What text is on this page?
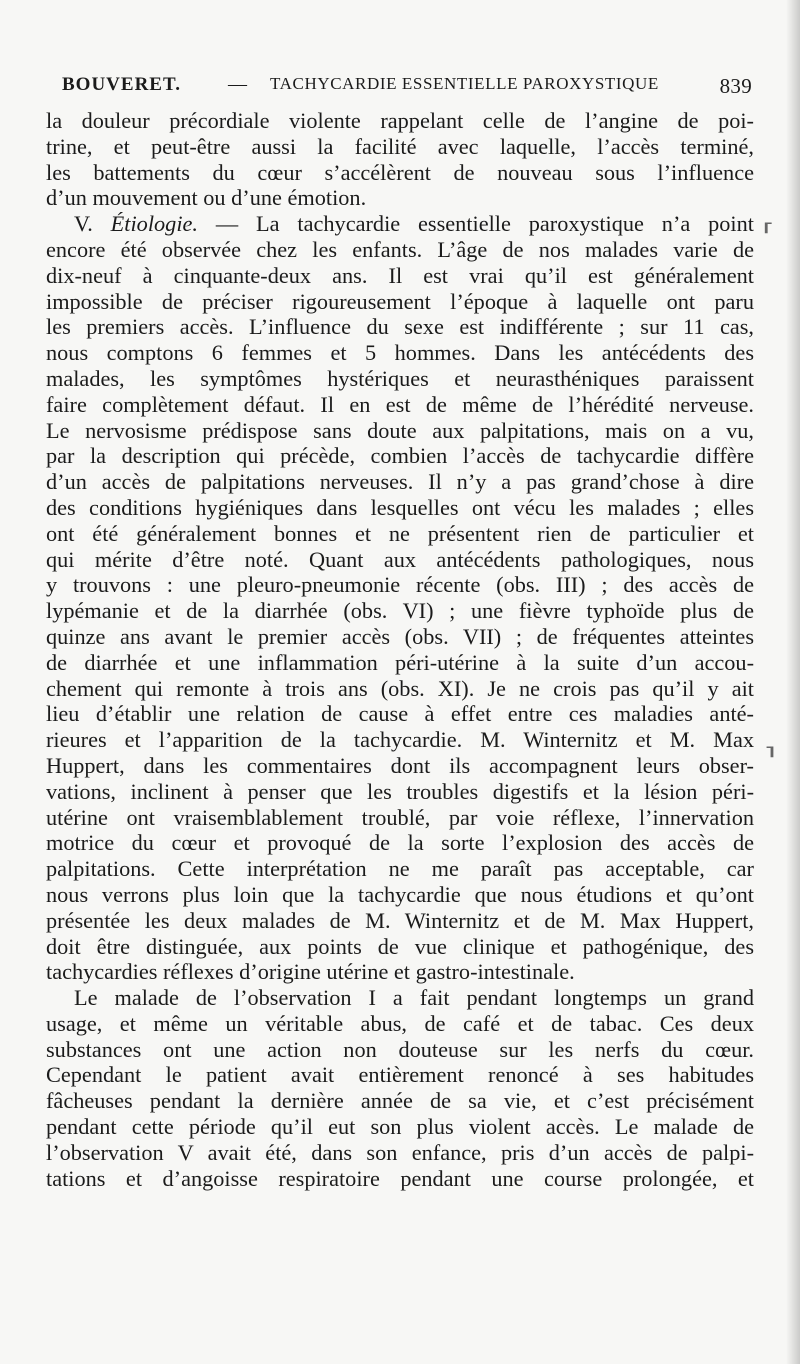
BOUVERET. — TACHYCARDIE ESSENTIELLE PAROXYSTIQUE	839
la douleur précordiale violente rappelant celle de l’angine de poi-
trine, et peut-être aussi la facilité avec laquelle, l’accès terminé,
les battements du cœur s’accélèrent de nouveau sous l’influence
d’un mouvement ou d’une émotion.
V. Étiologie. — La tachycardie essentielle paroxystique n’a point
encore été observée chez les enfants. L’âge de nos malades varie de
dix-neuf à cinquante-deux ans. Il est vrai qu’il est généralement
impossible de préciser rigoureusement l’époque à laquelle ont paru
les premiers accès. L’influence du sexe est indifférente ; sur 11 cas,
nous comptons 6 femmes et 5 hommes. Dans les antécédents des
malades, les symptômes hystériques et neurasthéniques paraissent
faire complètement défaut. Il en est de même de l’hérédité nerveuse.
Le nervosisme prédispose sans doute aux palpitations, mais on a vu,
par la description qui précède, combien l’accès de tachycardie diffère
d’un accès de palpitations nerveuses. Il n’y a pas grand’chose à dire
des conditions hygiéniques dans lesquelles ont vécu les malades ; elles
ont été généralement bonnes et ne présentent rien de particulier et
qui mérite d’être noté. Quant aux antécédents pathologiques, nous
y trouvons : une pleuro-pneumonie récente (obs. III) ; des accès de
lypémanie et de la diarrhée (obs. VI) ; une fièvre typhoïde plus de
quinze ans avant le premier accès (obs. VII) ; de fréquentes atteintes
de diarrhée et une inflammation péri-utérine à la suite d’un accou-
chement qui remonte à trois ans (obs. XI). Je ne crois pas qu’il y ait
lieu d’établir une relation de cause à effet entre ces maladies anté-
rieures et l’apparition de la tachycardie. M. Winternitz et M. Max
Huppert, dans les commentaires dont ils accompagnent leurs obser-
vations, inclinent à penser que les troubles digestifs et la lésion péri-
utérine ont vraisemblablement troublé, par voie réflexe, l’innervation
motrice du cœur et provoqué de la sorte l’explosion des accès de
palpitations. Cette interprétation ne me paraît pas acceptable, car
nous verrons plus loin que la tachycardie que nous étudions et qu’ont
présentée les deux malades de M. Winternitz et de M. Max Huppert,
doit être distinguée, aux points de vue clinique et pathogénique, des
tachycardies réflexes d’origine utérine et gastro-intestinale.
Le malade de l’observation I a fait pendant longtemps un grand
usage, et même un véritable abus, de café et de tabac. Ces deux
substances ont une action non douteuse sur les nerfs du cœur.
Cependant le patient avait entièrement renoncé à ses habitudes
fâcheuses pendant la dernière année de sa vie, et c’est précisément
pendant cette période qu’il eut son plus violent accès. Le malade de
l’observation V avait été, dans son enfance, pris d’un accès de palpi-
tations et d’angoisse respiratoire pendant une course prolongée, et
⸢
⸣
